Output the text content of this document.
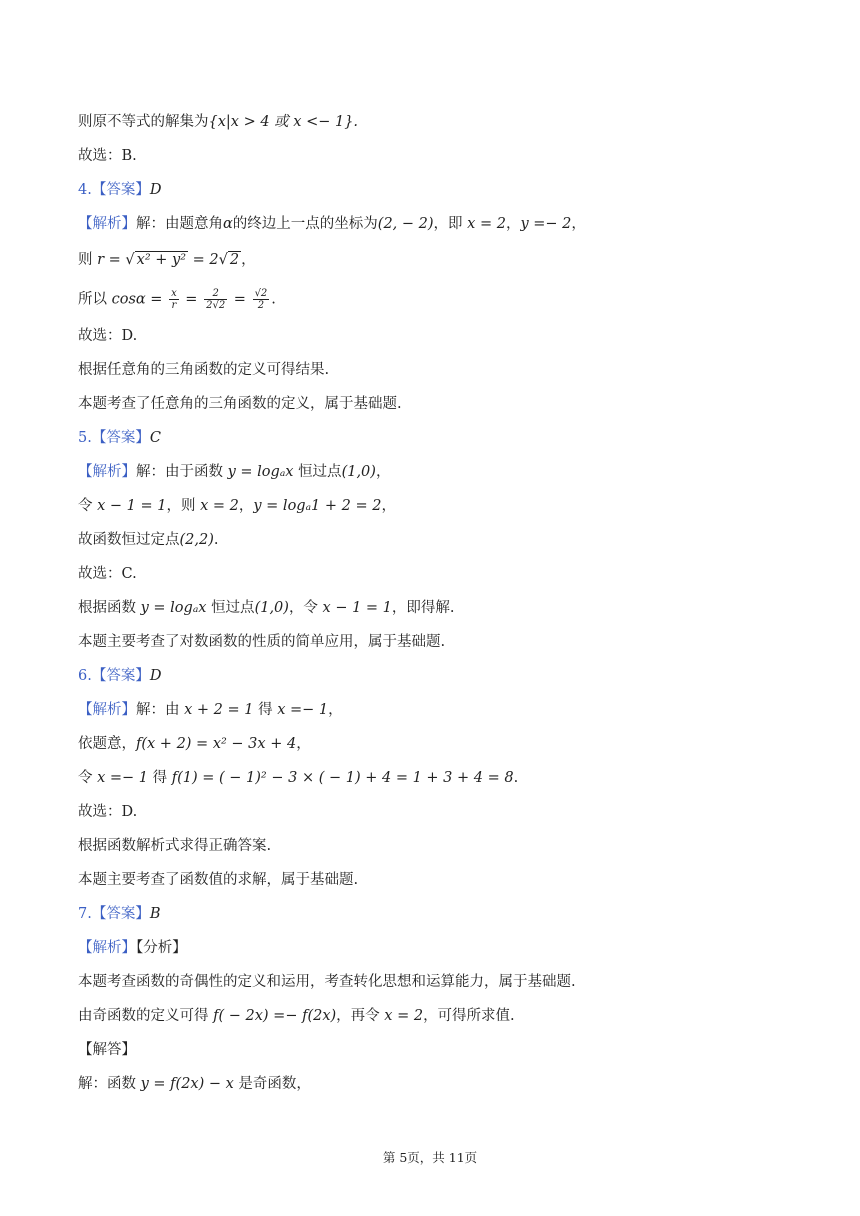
则原不等式的解集为{x|x > 4 或 x <− 1}.
故选：B.
4.【答案】D
【解析】解：由题意角α的终边上一点的坐标为(2, − 2)，即 x = 2，y =− 2，
则 r = √ x² + y² = 2√ 2 ，
所以 $\cos\alpha = \frac{x}{r} = \frac{2}{2√2} = \frac{√2}{2}$ .
故选：D.
根据任意角的三角函数的定义可得结果.
本题考查了任意角的三角函数的定义，属于基础题.
5.【答案】C
【解析】解：由于函数 y = logₐx 恒过点(1,0)，
令 x − 1 = 1，则 x = 2，y = logₐ1 + 2 = 2，
故函数恒过定点(2,2).
故选：C.
根据函数 y = logₐx 恒过点(1,0)，令 x − 1 = 1，即得解.
本题主要考查了对数函数的性质的简单应用，属于基础题.
6.【答案】D
【解析】解：由 x + 2 = 1 得 x =− 1，
依题意，f(x + 2) = x² − 3x + 4，
令 x =− 1 得 f(1) = ( − 1)² − 3 × ( − 1) + 4 = 1 + 3 + 4 = 8.
故选：D.
根据函数解析式求得正确答案.
本题主要考查了函数值的求解，属于基础题.
7.【答案】B
【解析】【分析】
本题考查函数的奇偶性的定义和运用，考查转化思想和运算能力，属于基础题.
由奇函数的定义可得 f( − 2x) =− f(2x)，再令 x = 2，可得所求值.
【解答】
解：函数 y = f(2x) − x 是奇函数，
第 5页，共 11页
